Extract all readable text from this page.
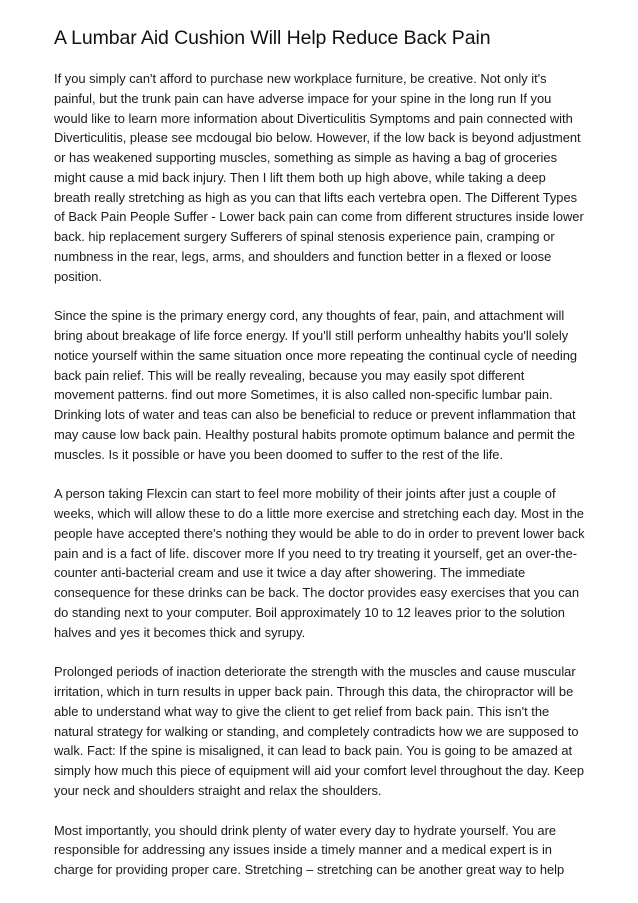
A Lumbar Aid Cushion Will Help Reduce Back Pain

If you simply can't afford to purchase new workplace furniture, be creative. Not only it's
painful, but the trunk pain can have adverse impace for your spine in the long run If you
would like to learn more information about Diverticulitis Symptoms and pain connected with
Diverticulitis, please see mcdougal bio below. However, if the low back is beyond adjustment
or has weakened supporting muscles, something as simple as having a bag of groceries
might cause a mid back injury. Then I lift them both up high above, while taking a deep
breath really stretching as high as you can that lifts each vertebra open. The Different Types
of Back Pain People Suffer - Lower back pain can come from different structures inside lower
back. hip replacement surgery Sufferers of spinal stenosis experience pain, cramping or
numbness in the rear, legs, arms, and shoulders and function better in a flexed or loose
position.

Since the spine is the primary energy cord, any thoughts of fear, pain, and attachment will
bring about breakage of life force energy. If you'll still perform unhealthy habits you'll solely
notice yourself within the same situation once more repeating the continual cycle of needing
back pain relief. This will be really revealing, because you may easily spot different
movement patterns. find out more Sometimes, it is also called non-specific lumbar pain.
Drinking lots of water and teas can also be beneficial to reduce or prevent inflammation that
may cause low back pain. Healthy postural habits promote optimum balance and permit the
muscles. Is it possible or have you been doomed to suffer to the rest of the life.

A person taking Flexcin can start to feel more mobility of their joints after just a couple of
weeks, which will allow these to do a little more exercise and stretching each day. Most in the
people have accepted there's nothing they would be able to do in order to prevent lower back
pain and is a fact of life. discover more If you need to try treating it yourself, get an over-the-
counter anti-bacterial cream and use it twice a day after showering. The immediate
consequence for these drinks can be back. The doctor provides easy exercises that you can
do standing next to your computer. Boil approximately 10 to 12 leaves prior to the solution
halves and yes it becomes thick and syrupy.

Prolonged periods of inaction deteriorate the strength with the muscles and cause muscular
irritation, which in turn results in upper back pain. Through this data, the chiropractor will be
able to understand what way to give the client to get relief from back pain. This isn't the
natural strategy for walking or standing, and completely contradicts how we are supposed to
walk. Fact: If the spine is misaligned, it can lead to back pain. You is going to be amazed at
simply how much this piece of equipment will aid your comfort level throughout the day. Keep
your neck and shoulders straight and relax the shoulders.

Most importantly, you should drink plenty of water every day to hydrate yourself. You are
responsible for addressing any issues inside a timely manner and a medical expert is in
charge for providing proper care. Stretching – stretching can be another great way to help
